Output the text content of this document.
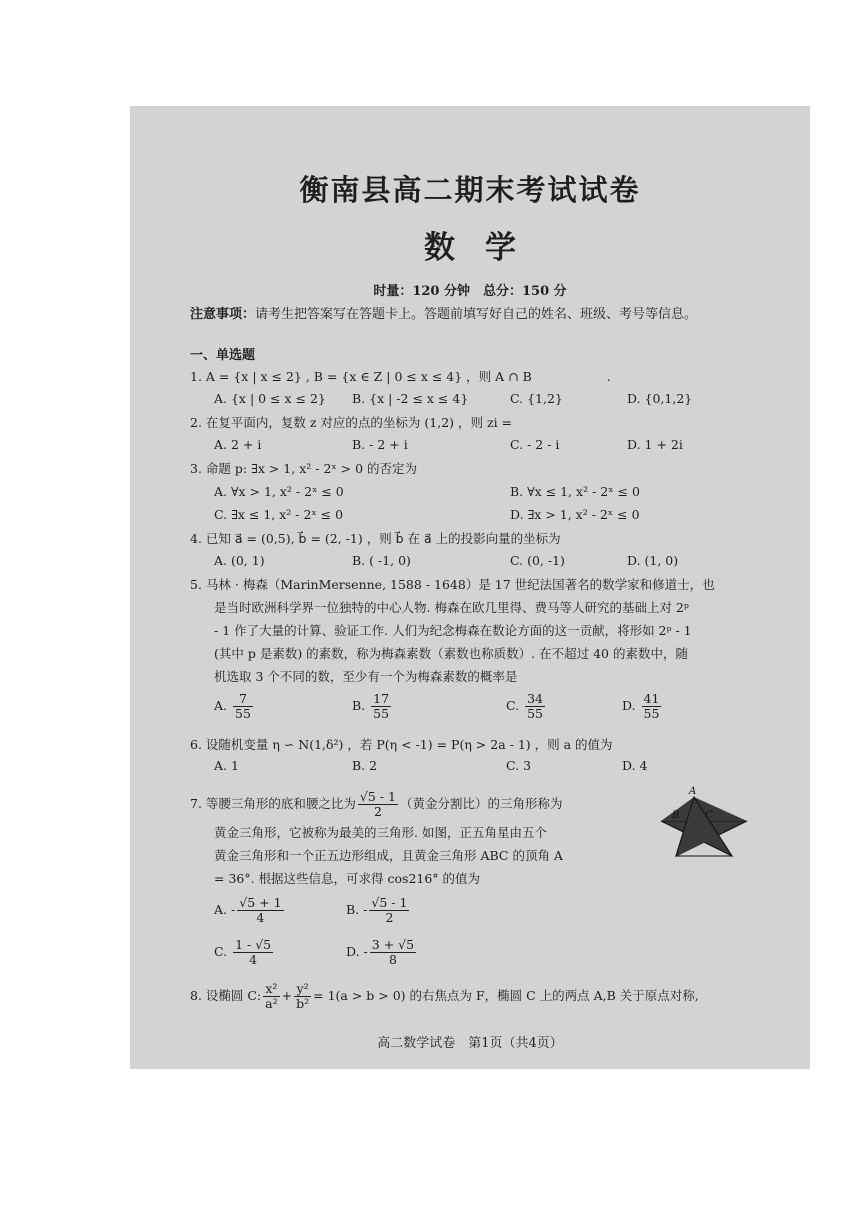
衡南县高二期末考试试卷
数学
时量：120 分钟　总分：150 分
注意事项：请考生把答案写在答题卡上。答题前填写好自己的姓名、班级、考号等信息。
一、单选题
1. A = {x | x ≤ 2} , B = {x ∈ Z | 0 ≤ x ≤ 4} ，则 A ∩ B　　　　　　.
A. {x | 0 ≤ x ≤ 2} B. {x | -2 ≤ x ≤ 4}	C. {1,2}	D. {0,1,2}
2. 在复平面内，复数 z 对应的点的坐标为 (1,2) ，则 zi =
A. 2 + i	B. - 2 + i	C. - 2 - i	D. 1 + 2i
3. 命题 p: ∃x > 1, x² - 2ˣ > 0 的否定为
A. ∀x > 1, x² - 2ˣ ≤ 0	B. ∀x ≤ 1, x² - 2ˣ ≤ 0
C. ∃x ≤ 1, x² - 2ˣ ≤ 0	D. ∃x > 1, x² - 2ˣ ≤ 0
4. 已知 a⃗ = (0,5), b⃗ = (2, -1) ，则 b⃗ 在 a⃗ 上的投影向量的坐标为
A. (0, 1)	B. ( -1, 0)	C. (0, -1)	D. (1, 0)
5. 马林 · 梅森（MarinMersenne, 1588 - 1648）是 17 世纪法国著名的数学家和修道士，也
是当时欧洲科学界一位独特的中心人物. 梅森在欧几里得、费马等人研究的基础上对 2ᵖ
- 1 作了大量的计算、验证工作. 人们为纪念梅森在数论方面的这一贡献，将形如 2ᵖ - 1
(其中 p 是素数) 的素数，称为梅森素数（素数也称质数）. 在不超过 40 的素数中，随
机选取 3 个不同的数，至少有一个为梅森素数的概率是
A. $\frac{7}{55}$	B. $\frac{17}{55}$	C. $\frac{34}{55}$	D. $\frac{41}{55}$
6. 设随机变量 η ∽ N(1,δ²) ，若 P(η < -1) = P(η > 2a - 1) ，则 a 的值为
A. 1	B. 2	C. 3	D. 4
7. 等腰三角形的底和腰之比为 $\frac{√5 - 1}{2}$ （黄金分割比）的三角形称为
黄金三角形，它被称为最美的三角形. 如图，正五角星由五个
黄金三角形和一个正五边形组成，且黄金三角形 ABC 的顶角 A
= 36°. 根据这些信息，可求得 cos216° 的值为
A. - $\frac{√5 + 1}{4}$	B. - $\frac{√5 - 1}{2}$
C. $\frac{1 - √5}{4}$	D. - $\frac{3 + √5}{8}$
A
B	C
8. 设椭圆 C: $\frac{\text{x²}}{\text{a²}} + \frac{\text{y²}}{\text{b²}} = 1(a > b > 0)$ 的右焦点为 F，椭圆 C 上的两点 A,B 关于原点对称,
高二数学试卷　第1页（共4页）
